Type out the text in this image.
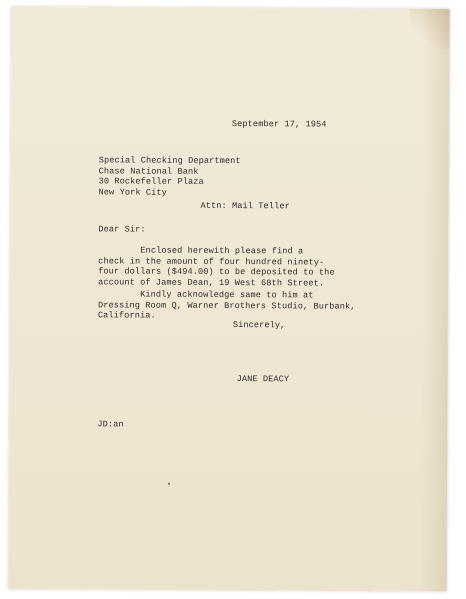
September 17, 1954
Special Checking Department
Chase National Bank
30 Rockefeller Plaza
New York City
Attn: Mail Teller
Dear Sir:
Enclosed herewith please find a
check in the amount of four hundred ninety-
four dollars ($494.00) to be deposited to the
account of James Dean, 19 West 68th Street.
Kindly acknowledge same to him at
Dressing Room Q, Warner Brothers Studio, Burbank,
California.
Sincerely,
JANE DEACY
JD:an
